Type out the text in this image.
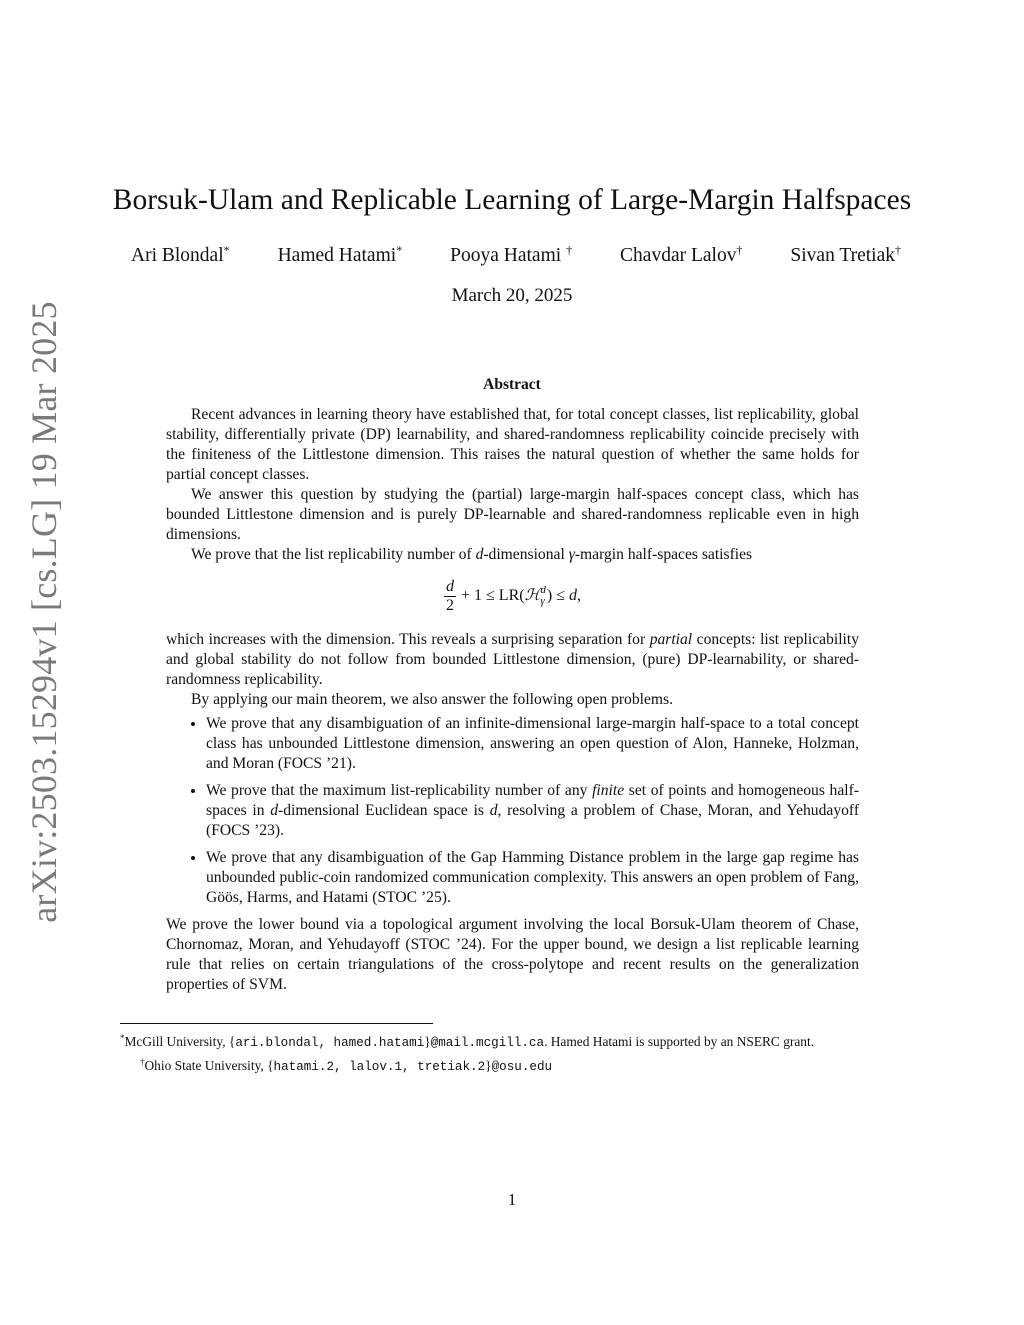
arXiv:2503.15294v1 [cs.LG] 19 Mar 2025
Borsuk-Ulam and Replicable Learning of Large-Margin Halfspaces
Ari Blondal* Hamed Hatami* Pooya Hatami † Chavdar Lalov† Sivan Tretiak†
March 20, 2025
Abstract

Recent advances in learning theory have established that, for total concept classes, list replicability, global stability, differentially private (DP) learnability, and shared-randomness replicability coincide precisely with the finiteness of the Littlestone dimension. This raises the natural question of whether the same holds for partial concept classes.

We answer this question by studying the (partial) large-margin half-spaces concept class, which has bounded Littlestone dimension and is purely DP-learnable and shared-randomness replicable even in high dimensions.

We prove that the list replicability number of d-dimensional γ-margin half-spaces satisfies

$\frac{d}{2} + 1 \le LR$( ℋ d
γ ) ≤ d ,

which increases with the dimension. This reveals a surprising separation for partial concepts: list replicability and global stability do not follow from bounded Littlestone dimension, (pure) DP-learnability, or shared-randomness replicability.

By applying our main theorem, we also answer the following open problems.

• We prove that any disambiguation of an infinite-dimensional large-margin half-space to a total concept class has unbounded Littlestone dimension, answering an open question of Alon, Hanneke, Holzman, and Moran (FOCS ’21).
• We prove that the maximum list-replicability number of any finite set of points and homogeneous half-spaces in d-dimensional Euclidean space is d, resolving a problem of Chase, Moran, and Yehudayoff (FOCS ’23).
• We prove that any disambiguation of the Gap Hamming Distance problem in the large gap regime has unbounded public-coin randomized communication complexity. This answers an open problem of Fang, Göös, Harms, and Hatami (STOC ’25).

We prove the lower bound via a topological argument involving the local Borsuk-Ulam theorem of Chase, Chornomaz, Moran, and Yehudayoff (STOC ’24). For the upper bound, we design a list replicable learning rule that relies on certain triangulations of the cross-polytope and recent results on the generalization properties of SVM.

*McGill University, {ari.blondal, hamed.hatami}@mail.mcgill.ca. Hamed Hatami is supported by an NSERC grant.

†Ohio State University, {hatami.2, lalov.1, tretiak.2}@osu.edu

1
